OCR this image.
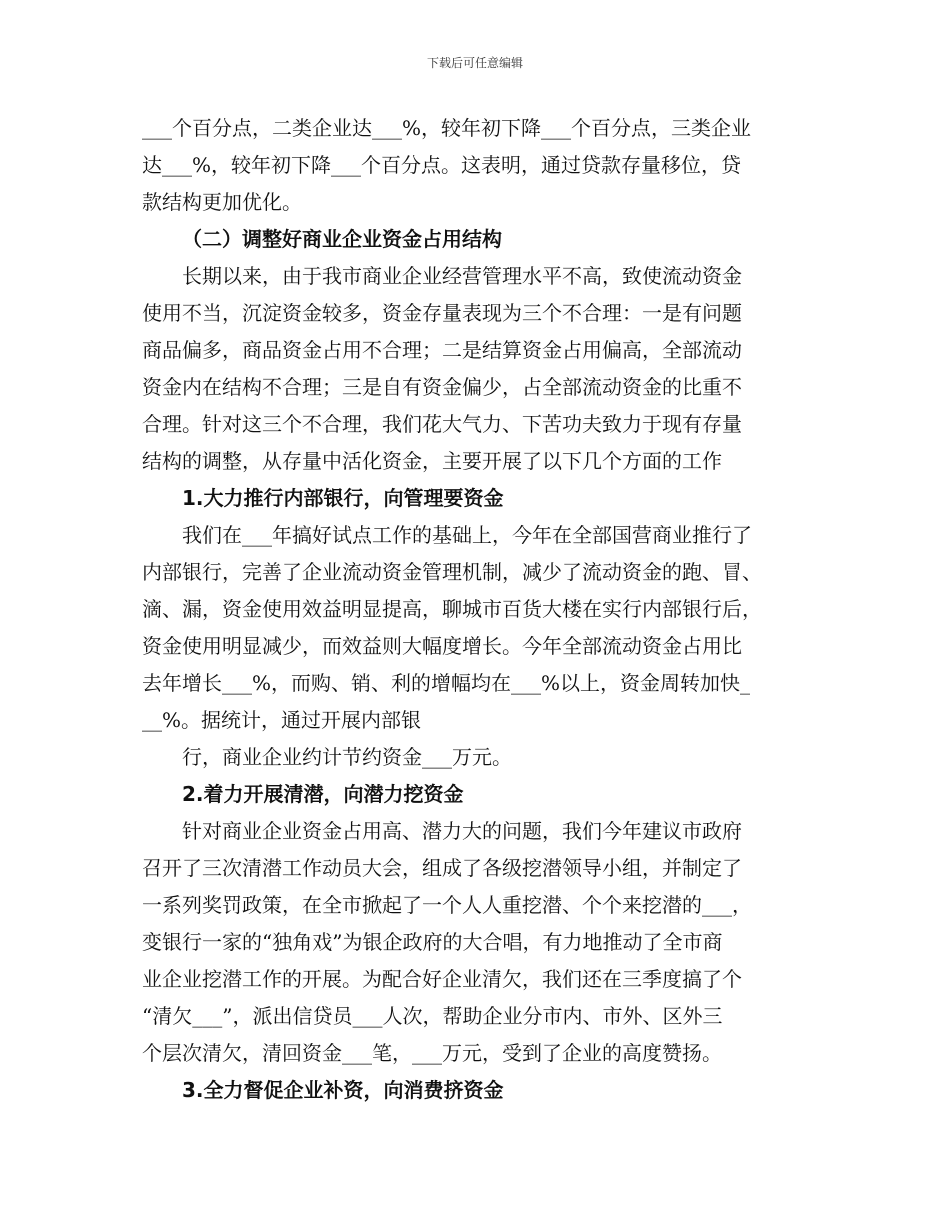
下载后可任意编辑
___个百分点，二类企业达___%，较年初下降___个百分点，三类企业
达___%，较年初下降___个百分点。这表明，通过贷款存量移位，贷
款结构更加优化。
（二）调整好商业企业资金占用结构
长期以来，由于我市商业企业经营管理水平不高，致使流动资金
使用不当，沉淀资金较多，资金存量表现为三个不合理：一是有问题
商品偏多，商品资金占用不合理；二是结算资金占用偏高，全部流动
资金内在结构不合理；三是自有资金偏少，占全部流动资金的比重不
合理。针对这三个不合理，我们花大气力、下苦功夫致力于现有存量
结构的调整，从存量中活化资金，主要开展了以下几个方面的工作
1.大力推行内部银行，向管理要资金
我们在___年搞好试点工作的基础上，今年在全部国营商业推行了
内部银行，完善了企业流动资金管理机制，减少了流动资金的跑、冒、
滴、漏，资金使用效益明显提高，聊城市百货大楼在实行内部银行后，
资金使用明显减少，而效益则大幅度增长。今年全部流动资金占用比
去年增长___%，而购、销、利的增幅均在___%以上，资金周转加快_
__%。据统计，通过开展内部银
行，商业企业约计节约资金___万元。
2.着力开展清潜，向潜力挖资金
针对商业企业资金占用高、潜力大的问题，我们今年建议市政府
召开了三次清潜工作动员大会，组成了各级挖潜领导小组，并制定了
一系列奖罚政策，在全市掀起了一个人人重挖潜、个个来挖潜的___，
变银行一家的“独角戏”为银企政府的大合唱，有力地推动了全市商
业企业挖潜工作的开展。为配合好企业清欠，我们还在三季度搞了个
“清欠___”，派出信贷员___人次，帮助企业分市内、市外、区外三
个层次清欠，清回资金___笔，___万元，受到了企业的高度赞扬。
3.全力督促企业补资，向消费挤资金
